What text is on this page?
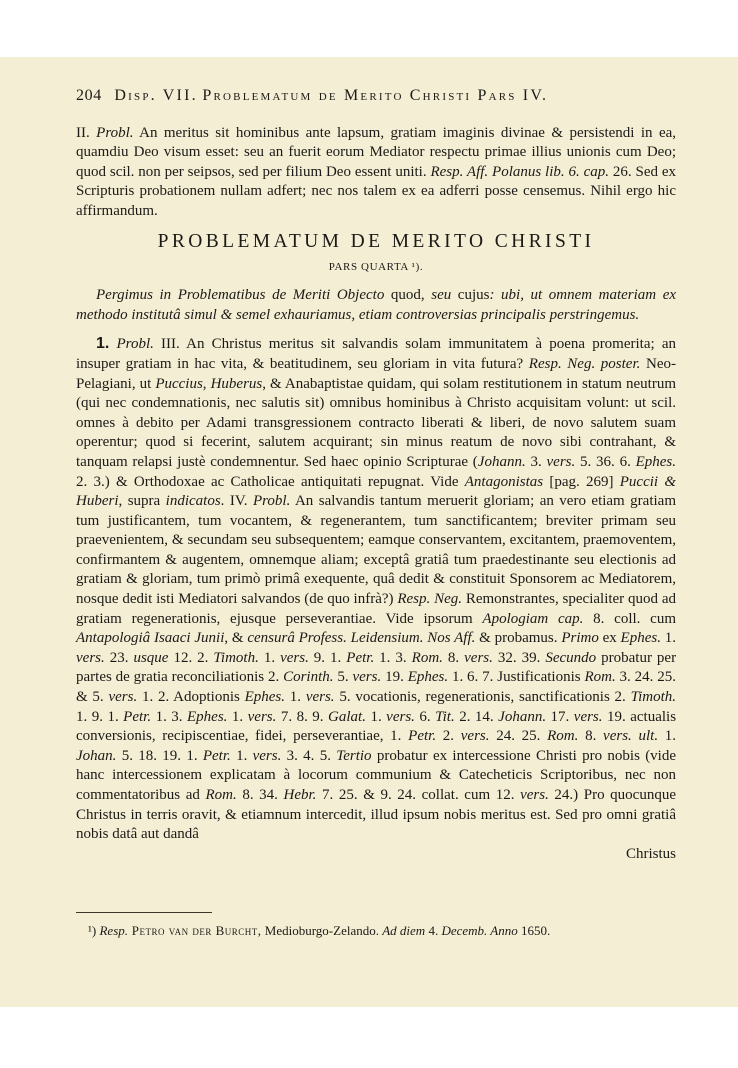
204 Disp. VII. Problematum de Merito Christi Pars IV.

II. Probl. An meritus sit hominibus ante lapsum, gratiam imaginis divinae & persistendi in ea, quamdiu Deo visum esset: seu an fuerit eorum Mediator respectu primae illius unionis cum Deo; quod scil. non per seipsos, sed per filium Deo essent uniti. Resp. Aff. Polanus lib. 6. cap. 26. Sed ex Scripturis probationem nullam adfert; nec nos talem ex ea adferri posse censemus. Nihil ergo hic affirmandum.

PROBLEMATUM DE MERITO CHRISTI
PARS QUARTA ¹).

Pergimus in Problematibus de Meriti Objecto quod, seu cujus: ubi, ut omnem materiam ex methodo institutâ simul & semel exhauriamus, etiam controversias principalis perstringemus.

1. Probl. III. An Christus meritus sit salvandis solam immunitatem à poena promerita; an insuper gratiam in hac vita, & beatitudinem, seu gloriam in vita futura? Resp. Neg. poster. Neo-Pelagiani, ut Puccius, Huberus, & Anabaptistae quidam, qui solam restitutionem in statum neutrum (qui nec condemnationis, nec salutis sit) omnibus hominibus à Christo acquisitam volunt: ut scil. omnes à debito per Adami transgressionem contracto liberati & liberi, de novo salutem suam operentur; quod si fecerint, salutem acquirant; sin minus reatum de novo sibi contrahant, & tanquam relapsi justè condemnentur. Sed haec opinio Scripturae (Johann. 3. vers. 5. 36. 6. Ephes. 2. 3.) & Orthodoxae ac Catholicae antiquitati repugnat. Vide Antagonistas [pag. 269] Puccii & Huberi, supra indicatos. IV. Probl. An salvandis tantum meruerit gloriam; an vero etiam gratiam tum justificantem, tum vocantem, & regenerantem, tum sanctificantem; breviter primam seu praevenientem, & secundam seu subsequentem; eamque conservantem, excitantem, praemoventem, confirmantem & augentem, omnemque aliam; exceptâ gratiâ tum praedestinante seu electionis ad gratiam & gloriam, tum primò primâ exequente, quâ dedit & constituit Sponsorem ac Mediatorem, nosque dedit isti Mediatori salvandos (de quo infrà?) Resp. Neg. Remonstrantes, specialiter quod ad gratiam regenerationis, ejusque perseverantiae. Vide ipsorum Apologiam cap. 8. coll. cum Antapologiâ Isaaci Junii, & censurâ Profess. Leidensium. Nos Aff. & probamus. Primo ex Ephes. 1. vers. 23. usque 12. 2. Timoth. 1. vers. 9. 1. Petr. 1. 3. Rom. 8. vers. 32. 39. Secundo probatur per partes de gratia reconciliationis 2. Corinth. 5. vers. 19. Ephes. 1. 6. 7. Justificationis Rom. 3. 24. 25. & 5. vers. 1. 2. Adoptionis Ephes. 1. vers. 5. vocationis, regenerationis, sanctificationis 2. Timoth. 1. 9. 1. Petr. 1. 3. Ephes. 1. vers. 7. 8. 9. Galat. 1. vers. 6. Tit. 2. 14. Johann. 17. vers. 19. actualis conversionis, recipiscentiae, fidei, perseverantiae, 1. Petr. 2. vers. 24. 25. Rom. 8. vers. ult. 1. Johan. 5. 18. 19. 1. Petr. 1. vers. 3. 4. 5. Tertio probatur ex intercessione Christi pro nobis (vide hanc intercessionem explicatam à locorum communium & Catecheticis Scriptoribus, nec non commentatoribus ad Rom. 8. 34. Hebr. 7. 25. & 9. 24. collat. cum 12. vers. 24.) Pro quocunque Christus in terris oravit, & etiamnum intercedit, illud ipsum nobis meritus est. Sed pro omni gratiâ nobis datâ aut dandâ

Christus
¹) Resp. Petro van der Burcht, Medioburgo-Zelando. Ad diem 4. Decemb. Anno 1650.
